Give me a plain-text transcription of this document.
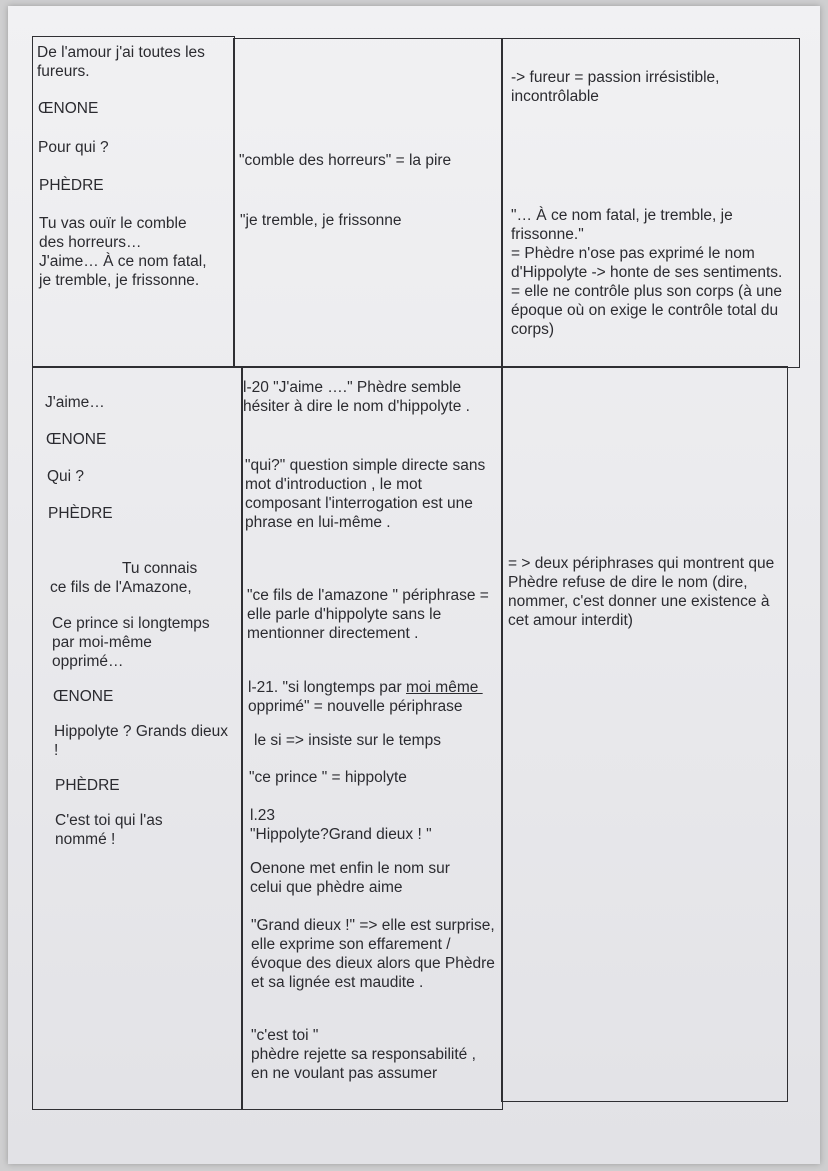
De l'amour j'ai toutes les fureurs.
ŒNONE
Pour qui ?
PHÈDRE
Tu vas ouïr le comble des horreurs…
J'aime… À ce nom fatal, je tremble, je frissonne.
"comble des horreurs" = la pire
"je tremble, je frissonne
-> fureur = passion irrésistible, incontrôlable
"… À ce nom fatal, je tremble, je frissonne."
= Phèdre n'ose pas exprimé le nom d'Hippolyte -> honte de ses sentiments.
= elle ne contrôle plus son corps (à une époque où on exige le contrôle total du corps)
J'aime…
ŒNONE
Qui ?
PHÈDRE
Tu connais
ce fils de l'Amazone,
Ce prince si longtemps par moi-même opprimé…
ŒNONE
Hippolyte ? Grands dieux !
PHÈDRE
C'est toi qui l'as nommé !
l-20 "J'aime …." Phèdre semble hésiter à dire le nom d'hippolyte .
"qui?" question simple directe sans mot d'introduction , le mot composant l'interrogation est une phrase en lui-même .
"ce fils de l'amazone " périphrase = elle parle d'hippolyte sans le mentionner directement .
l-21. "si longtemps par moi même opprimé" = nouvelle périphrase
le si => insiste sur le temps
"ce prince " = hippolyte
l.23
"Hippolyte?Grand dieux ! "
Oenone met enfin le nom sur celui que phèdre aime
"Grand dieux !" => elle est surprise, elle exprime son effarement /évoque des dieux alors que Phèdre et sa lignée est maudite .
"c'est toi "
phèdre rejette sa responsabilité , en ne voulant pas assumer
= > deux périphrases qui montrent que Phèdre refuse de dire le nom (dire, nommer, c'est donner une existence à cet amour interdit)
